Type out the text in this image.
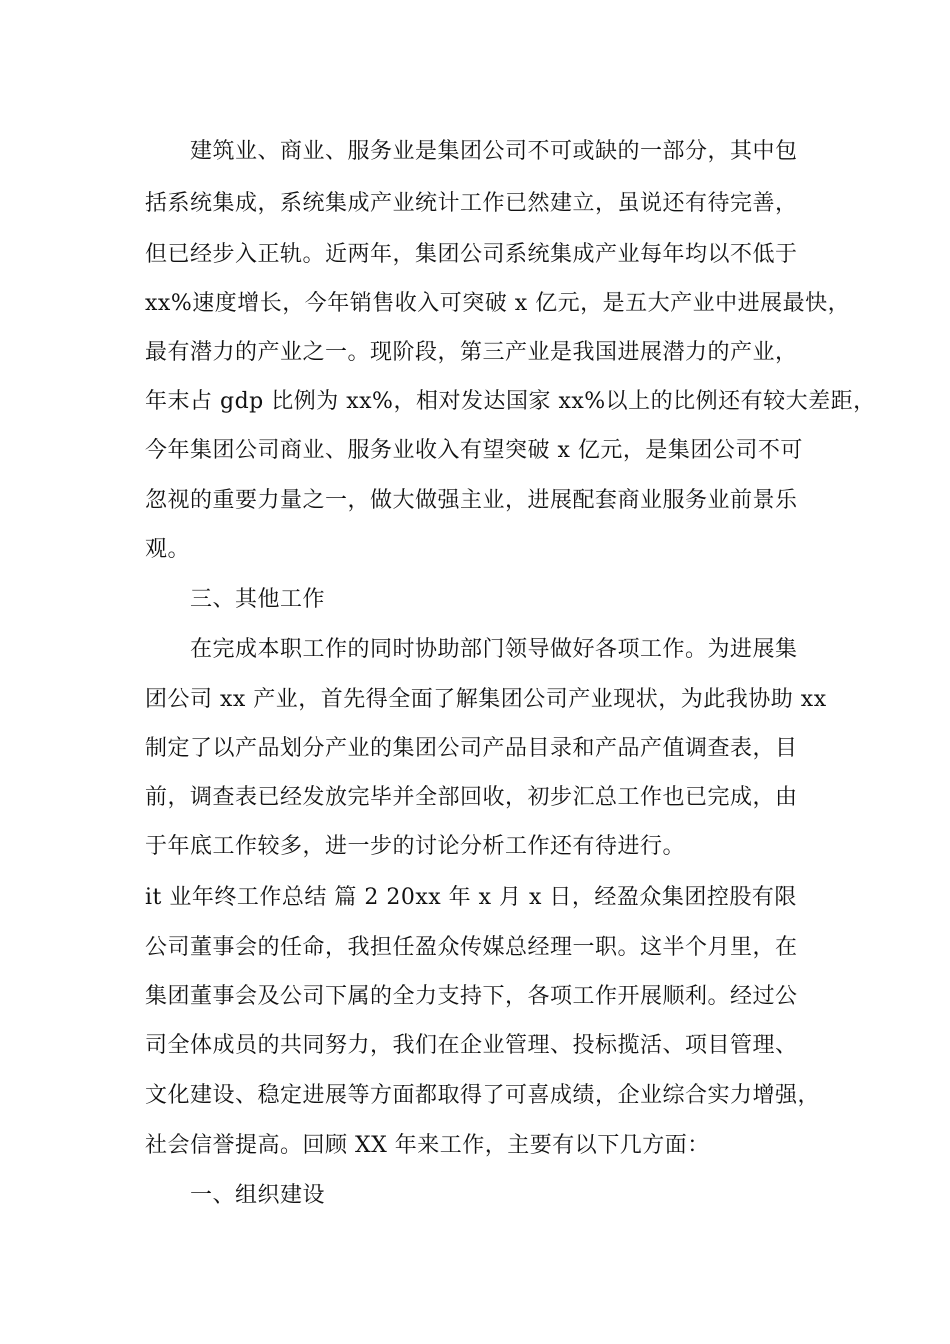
建筑业、商业、服务业是集团公司不可或缺的一部分，其中包
括系统集成，系统集成产业统计工作已然建立，虽说还有待完善，
但已经步入正轨。近两年，集团公司系统集成产业每年均以不低于
xx%速度增长，今年销售收入可突破 x 亿元，是五大产业中进展最快，
最有潜力的产业之一。现阶段，第三产业是我国进展潜力的产业，
年末占 gdp 比例为 xx%，相对发达国家 xx%以上的比例还有较大差距，
今年集团公司商业、服务业收入有望突破 x 亿元，是集团公司不可
忽视的重要力量之一，做大做强主业，进展配套商业服务业前景乐
观。
三、其他工作
在完成本职工作的同时协助部门领导做好各项工作。为进展集
团公司 xx 产业，首先得全面了解集团公司产业现状，为此我协助 xx
制定了以产品划分产业的集团公司产品目录和产品产值调查表，目
前，调查表已经发放完毕并全部回收，初步汇总工作也已完成，由
于年底工作较多，进一步的讨论分析工作还有待进行。
it 业年终工作总结 篇 2 20xx 年 x 月 x 日，经盈众集团控股有限
公司董事会的任命，我担任盈众传媒总经理一职。这半个月里，在
集团董事会及公司下属的全力支持下，各项工作开展顺利。经过公
司全体成员的共同努力，我们在企业管理、投标揽活、项目管理、
文化建设、稳定进展等方面都取得了可喜成绩，企业综合实力增强，
社会信誉提高。回顾 XX 年来工作，主要有以下几方面：
一、组织建设
